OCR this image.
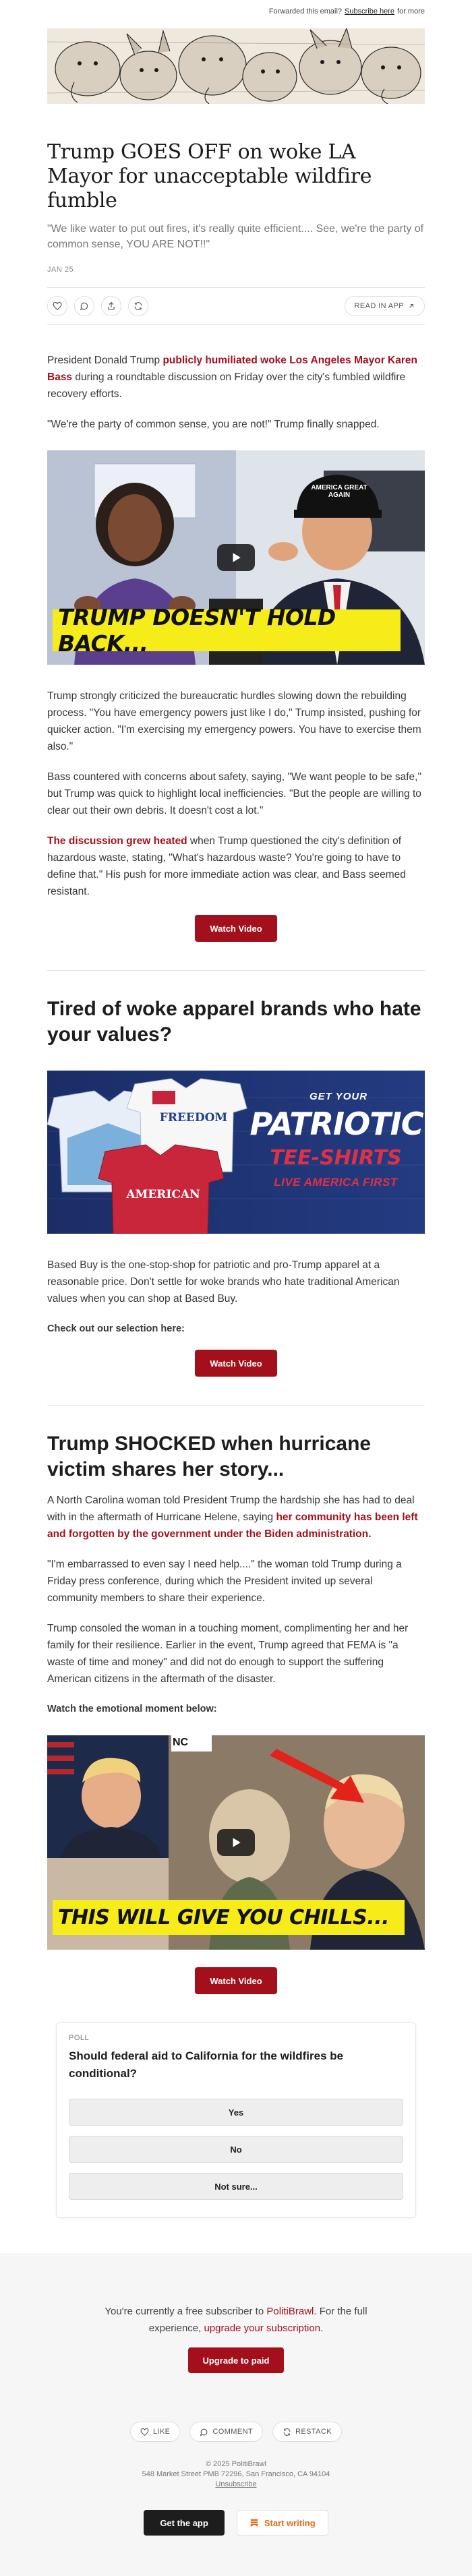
Forwarded this email? Subscribe here for more
Trump GOES OFF on woke LA Mayor for unacceptable wildfire fumble
"We like water to put out fires, it's really quite efficient.... See, we're the party of common sense, YOU ARE NOT!!"
JAN 25
READ IN APP

President Donald Trump publicly humiliated woke Los Angeles Mayor Karen Bass during a roundtable discussion on Friday over the city's fumbled wildfire recovery efforts.

"We're the party of common sense, you are not!" Trump finally snapped.

AMERICA GREAT AGAIN
TRUMP DOESN'T HOLD BACK...

Trump strongly criticized the bureaucratic hurdles slowing down the rebuilding process. "You have emergency powers just like I do," Trump insisted, pushing for quicker action. "I'm exercising my emergency powers. You have to exercise them also."

Bass countered with concerns about safety, saying, "We want people to be safe," but Trump was quick to highlight local inefficiencies. "But the people are willing to clear out their own debris. It doesn't cost a lot."

The discussion grew heated when Trump questioned the city's definition of hazardous waste, stating, "What's hazardous waste? You're going to have to define that." His push for more immediate action was clear, and Bass seemed resistant.

Watch Video
Tired of woke apparel brands who hate your values?
FREEDOM
AMERICAN
GET YOUR
PATRIOTIC
TEE-SHIRTS
LIVE AMERICA FIRST

Based Buy is the one-stop-shop for patriotic and pro-Trump apparel at a reasonable price. Don't settle for woke brands who hate traditional American values when you can shop at Based Buy.

Check out our selection here:

Watch Video
Trump SHOCKED when hurricane victim shares her story...

A North Carolina woman told President Trump the hardship she has had to deal with in the aftermath of Hurricane Helene, saying her community has been left and forgotten by the government under the Biden administration.

"I'm embarrassed to even say I need help...." the woman told Trump during a Friday press conference, during which the President invited up several community members to share their experience.

Trump consoled the woman in a touching moment, complimenting her and her family for their resilience. Earlier in the event, Trump agreed that FEMA is "a waste of time and money" and did not do enough to support the suffering American citizens in the aftermath of the disaster.

Watch the emotional moment below:

NC
THIS WILL GIVE YOU CHILLS...
Watch Video
POLL
Should federal aid to California for the wildfires be conditional?
Yes
No
Not sure...
You're currently a free subscriber to PolitiBrawl. For the full experience, upgrade your subscription.
Upgrade to paid
LIKE	COMMENT	RESTACK
© 2025 PolitiBrawl
548 Market Street PMB 72296, San Francisco, CA 94104
Unsubscribe
Get the app	Start writing
